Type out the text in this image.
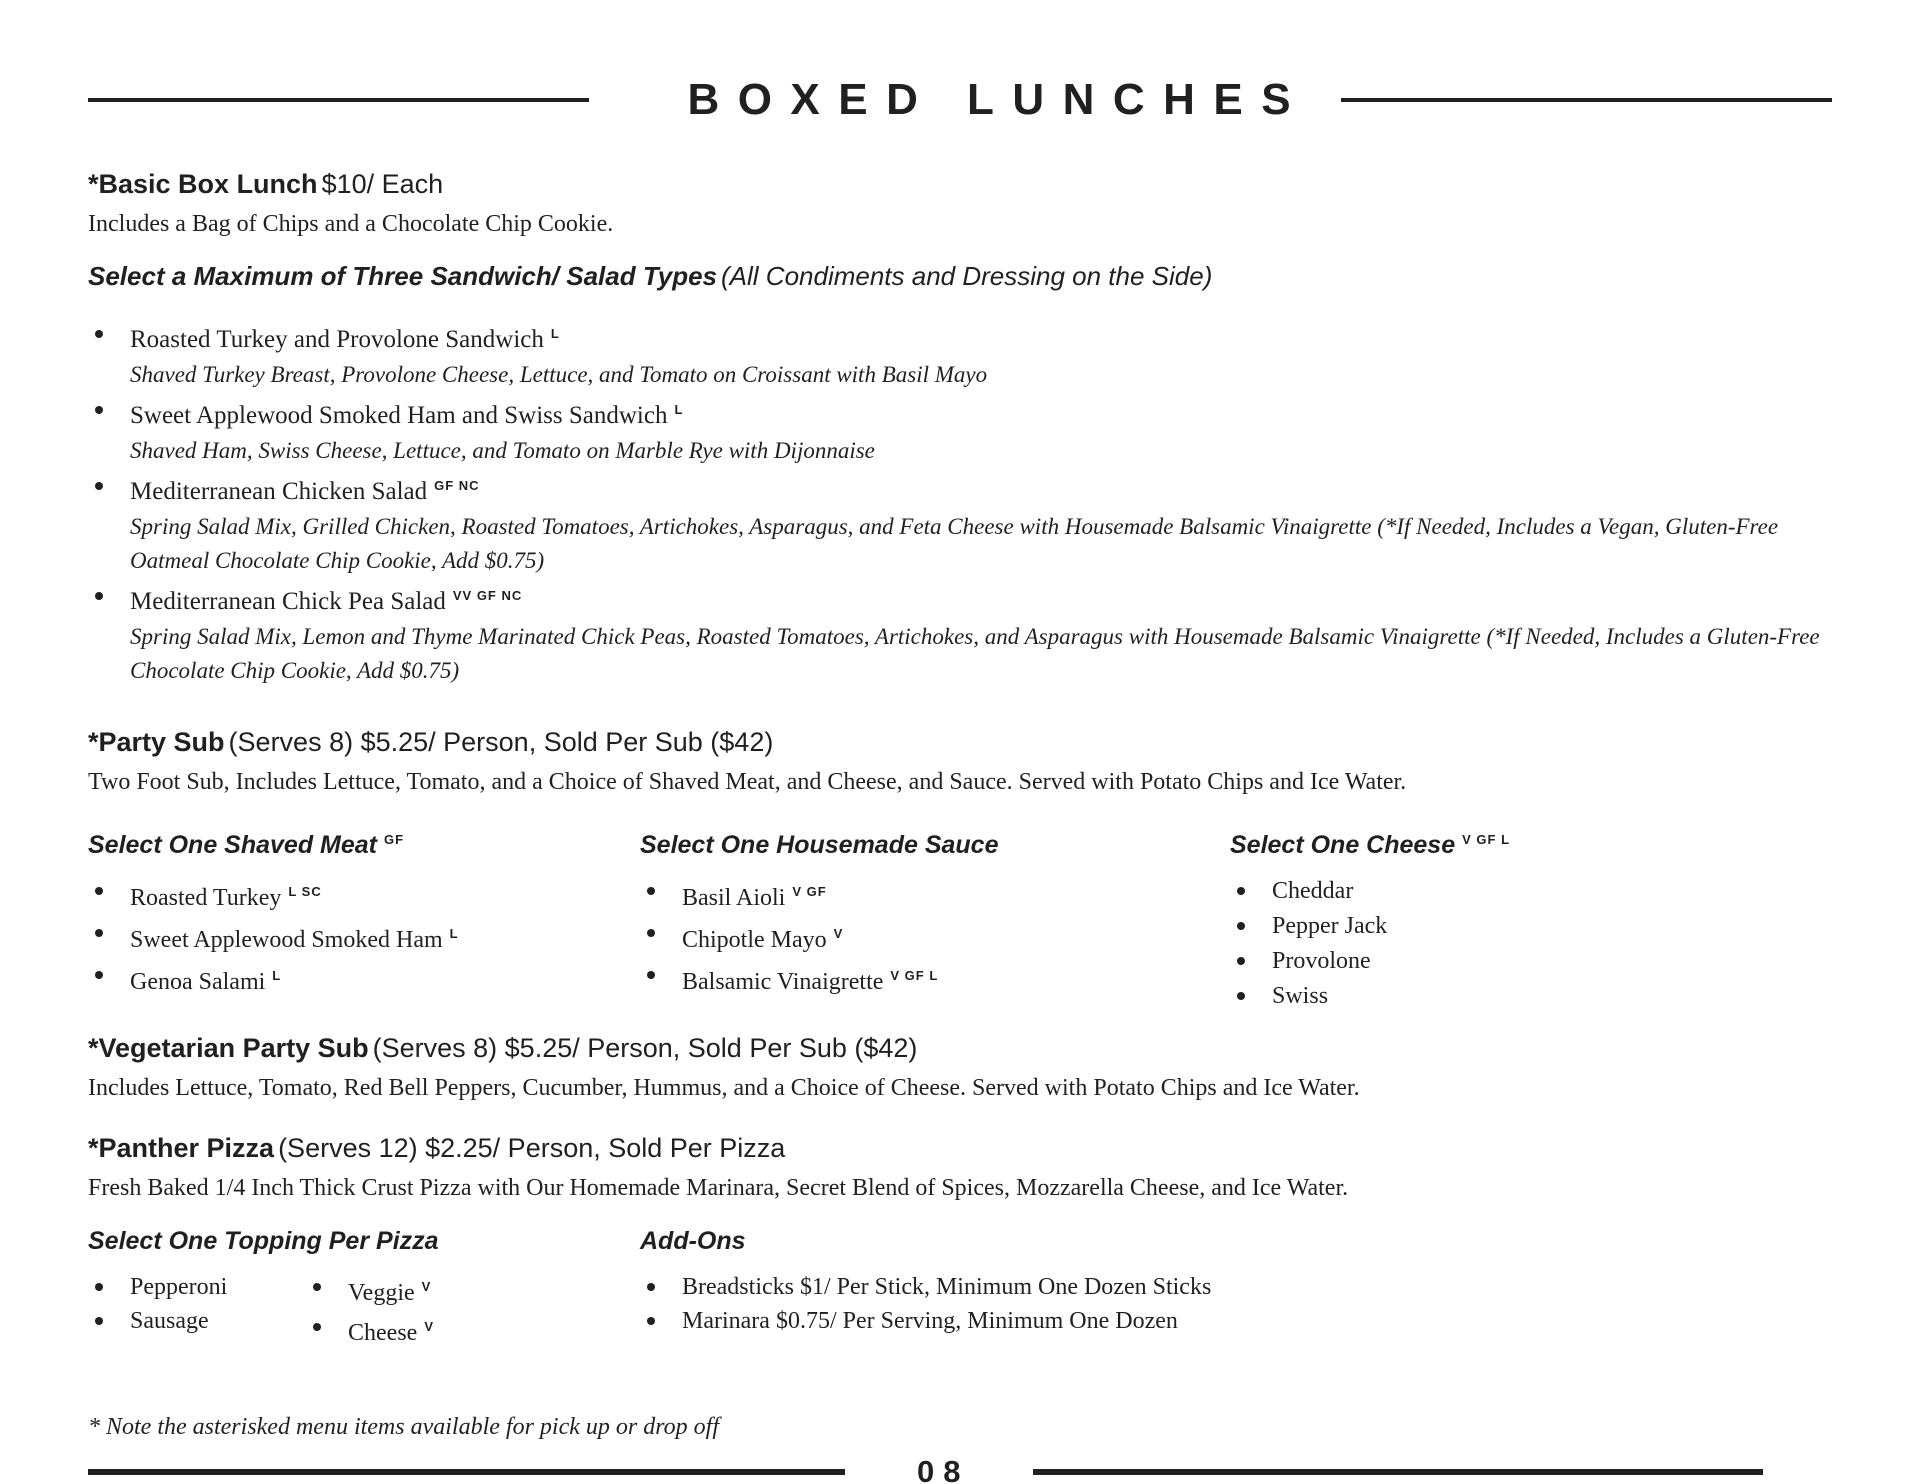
BOXED LUNCHES
*Basic Box Lunch $10/ Each
Includes a Bag of Chips and a Chocolate Chip Cookie.
Select a Maximum of Three Sandwich/ Salad Types (All Condiments and Dressing on the Side)
Roasted Turkey and Provolone Sandwich $^L$
Shaved Turkey Breast, Provolone Cheese, Lettuce, and Tomato on Croissant with Basil Mayo
Sweet Applewood Smoked Ham and Swiss Sandwich $^L$
Shaved Ham, Swiss Cheese, Lettuce, and Tomato on Marble Rye with Dijonnaise
Mediterranean Chicken Salad $^{GF NC}$
Spring Salad Mix, Grilled Chicken, Roasted Tomatoes, Artichokes, Asparagus, and Feta Cheese with Housemade Balsamic Vinaigrette (*If Needed, Includes a Vegan, Gluten-Free Oatmeal Chocolate Chip Cookie, Add $0.75)
Mediterranean Chick Pea Salad $^{VV GF NC}$
Spring Salad Mix, Lemon and Thyme Marinated Chick Peas, Roasted Tomatoes, Artichokes, and Asparagus with Housemade Balsamic Vinaigrette (*If Needed, Includes a Gluten-Free Chocolate Chip Cookie, Add $0.75)
*Party Sub (Serves 8) $5.25/ Person, Sold Per Sub ($42)
Two Foot Sub, Includes Lettuce, Tomato, and a Choice of Shaved Meat, and Cheese, and Sauce. Served with Potato Chips and Ice Water.
Select One Shaved Meat $^{GF}$
Roasted Turkey $^{L SC}$
Sweet Applewood Smoked Ham $^L$
Genoa Salami $^L$
Select One Housemade Sauce
Basil Aioli $^{V GF}$
Chipotle Mayo $^V$
Balsamic Vinaigrette $^{V GF L}$
Select One Cheese $^{V GF L}$
Cheddar
Pepper Jack
Provolone
Swiss
*Vegetarian Party Sub (Serves 8) $5.25/ Person, Sold Per Sub ($42)
Includes Lettuce, Tomato, Red Bell Peppers, Cucumber, Hummus, and a Choice of Cheese. Served with Potato Chips and Ice Water.
*Panther Pizza (Serves 12) $2.25/ Person, Sold Per Pizza
Fresh Baked 1/4 Inch Thick Crust Pizza with Our Homemade Marinara, Secret Blend of Spices, Mozzarella Cheese, and Ice Water.
Select One Topping Per Pizza
Pepperoni
Sausage
Veggie $^V$
Cheese $^V$
Add-Ons
Breadsticks $1/ Per Stick, Minimum One Dozen Sticks
Marinara $0.75/ Per Serving, Minimum One Dozen
* Note the asterisked menu items available for pick up or drop off
08
